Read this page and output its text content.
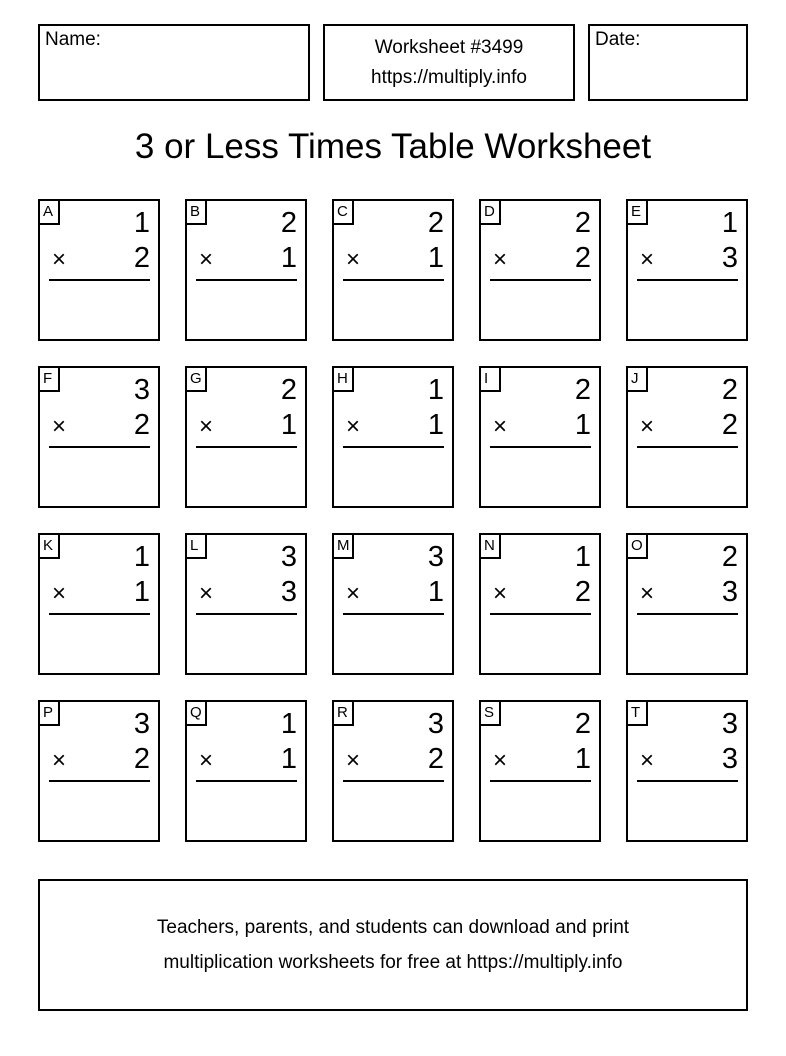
Name:	Worksheet #3499
https://multiply.info
Date:
3 or Less Times Table Worksheet
A	1
× 2
B	2
× 1
C	2
× 1
D	2
× 2
E	1
× 3
F	3
× 2
G	2
× 1
H	1
× 1
I	2
× 1
J	2
× 2
K	1
× 1
L	3
× 3
M	3
× 1
N	1
× 2
O	2
× 3
P	3
× 2
Q	1
× 1
R	3
× 2
S	2
× 1
T	3
× 3
Teachers, parents, and students can download and print
multiplication worksheets for free at https://multiply.info
